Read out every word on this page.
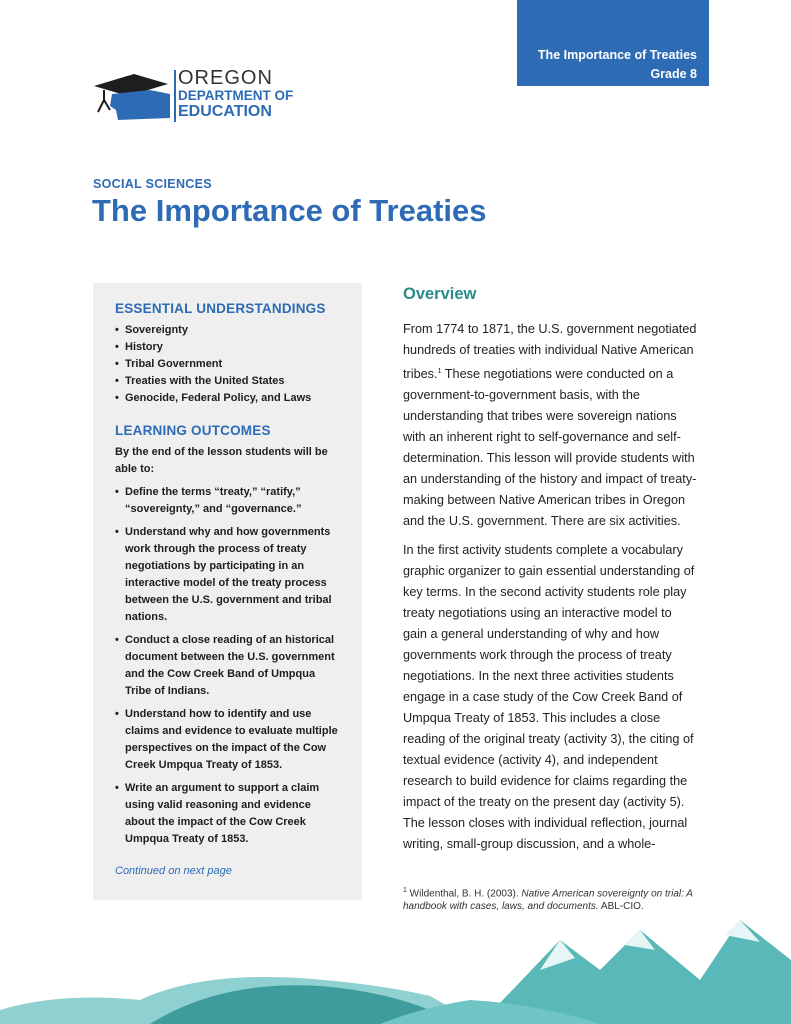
The Importance of Treaties
Grade 8
OREGON
DEPARTMENT OF
EDUCATION
SOCIAL SCIENCES
The Importance of Treaties
ESSENTIAL UNDERSTANDINGS
• Sovereignty
• History
• Tribal Government
• Treaties with the United States
• Genocide, Federal Policy, and Laws
LEARNING OUTCOMES

By the end of the lesson students will be able to:

• Define the terms “treaty,” “ratify,” “sovereignty,” and “governance.”
• Understand why and how governments work through the process of treaty negotiations by participating in an interactive model of the treaty process between the U.S. government and tribal nations.
• Conduct a close reading of an historical document between the U.S. government and the Cow Creek Band of Umpqua Tribe of Indians.
• Understand how to identify and use claims and evidence to evaluate multiple perspectives on the impact of the Cow Creek Umpqua Treaty of 1853.
• Write an argument to support a claim using valid reasoning and evidence about the impact of the Cow Creek Umpqua Treaty of 1853.
Continued on next page
Overview

From 1774 to 1871, the U.S. government negotiated hundreds of treaties with individual Native American tribes.$^1$ These negotiations were conducted on a government-to-government basis, with the understanding that tribes were sovereign nations with an inherent right to self-governance and self-determination. This lesson will provide students with an understanding of the history and impact of treaty-making between Native American tribes in Oregon and the U.S. government. There are six activities.

In the first activity students complete a vocabulary graphic organizer to gain essential understanding of key terms. In the second activity students role play treaty negotiations using an interactive model to gain a general understanding of why and how governments work through the process of treaty negotiations. In the next three activities students engage in a case study of the Cow Creek Band of Umpqua Treaty of 1853. This includes a close reading of the original treaty (activity 3), the citing of textual evidence (activity 4), and independent research to build evidence for claims regarding the impact of the treaty on the present day (activity 5). The lesson closes with individual reflection, journal writing, small-group discussion, and a whole-

$^1$ Wildenthal, B. H. (2003). Native American sovereignty on trial: A handbook with cases, laws, and documents. ABL-CIO.
